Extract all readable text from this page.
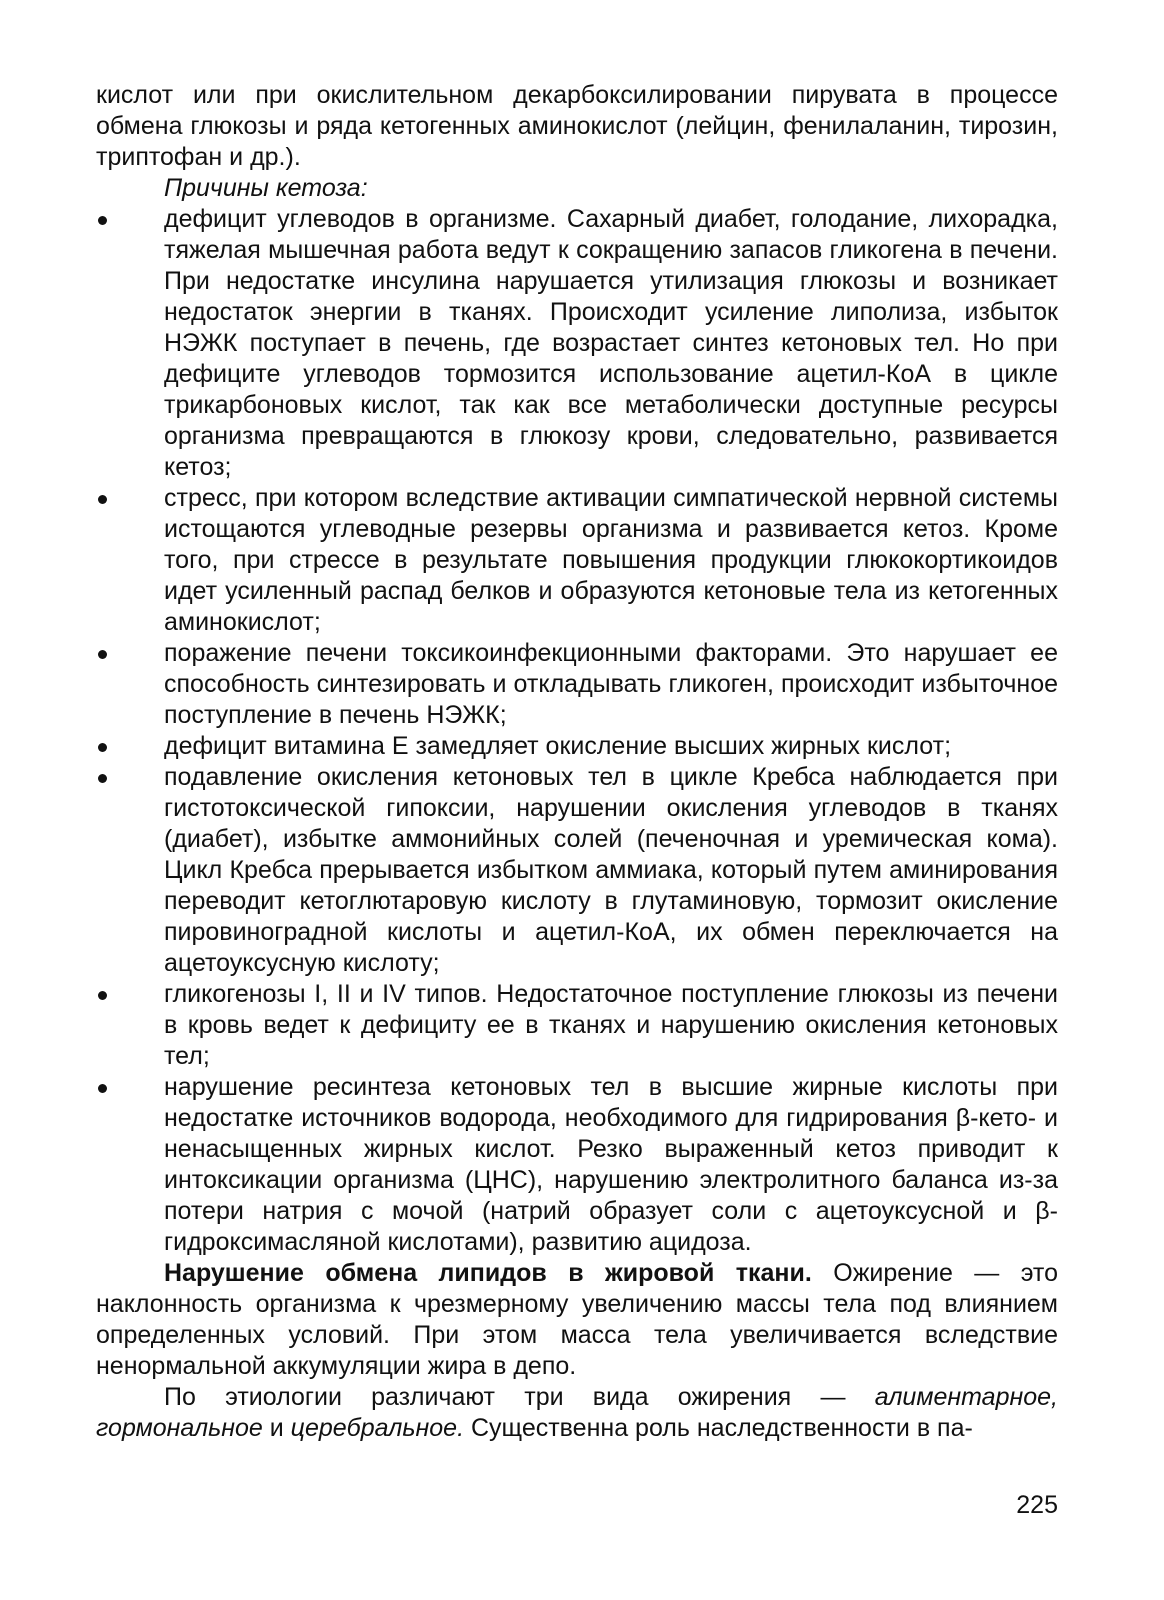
кислот или при окислительном декарбоксилировании пирувата в процессе обмена глюкозы и ряда кетогенных аминокислот (лейцин, фенилаланин, тирозин, триптофан и др.).

Причины кетоза:
дефицит углеводов в организме. Сахарный диабет, голодание, лихорадка, тяжелая мышечная работа ведут к сокращению запасов гликогена в печени. При недостатке инсулина нарушается утилизация глюкозы и возникает недостаток энергии в тканях. Происходит усиление липолиза, избыток НЭЖК поступает в печень, где возрастает синтез кетоновых тел. Но при дефиците углеводов тормозится использование ацетил-КоА в цикле трикарбоновых кислот, так как все метаболически доступные ресурсы организма превращаются в глюкозу крови, следовательно, развивается кетоз;
стресс, при котором вследствие активации симпатической нервной системы истощаются углеводные резервы организма и развивается кетоз. Кроме того, при стрессе в результате повышения продукции глюкокортикоидов идет усиленный распад белков и образуются кетоновые тела из кетогенных аминокислот;
поражение печени токсикоинфекционными факторами. Это нарушает ее способность синтезировать и откладывать гликоген, происходит избыточное поступление в печень НЭЖК;
дефицит витамина Е замедляет окисление высших жирных кислот;
подавление окисления кетоновых тел в цикле Кребса наблюдается при гистотоксической гипоксии, нарушении окисления углеводов в тканях (диабет), избытке аммонийных солей (печеночная и уремическая кома). Цикл Кребса прерывается избытком аммиака, который путем аминирования переводит кетоглютаровую кислоту в глутаминовую, тормозит окисление пировиноградной кислоты и ацетил-КоА, их обмен переключается на ацетоуксусную кислоту;
гликогенозы I, II и IV типов. Недостаточное поступление глюкозы из печени в кровь ведет к дефициту ее в тканях и нарушению окисления кетоновых тел;
нарушение ресинтеза кетоновых тел в высшие жирные кислоты при недостатке источников водорода, необходимого для гидрирования β-кето- и ненасыщенных жирных кислот. Резко выраженный кетоз приводит к интоксикации организма (ЦНС), нарушению электролитного баланса из-за потери натрия с мочой (натрий образует соли с ацетоуксусной и β-гидроксимасляной кислотами), развитию ацидоза.

Нарушение обмена липидов в жировой ткани. Ожирение — это наклонность организма к чрезмерному увеличению массы тела под влиянием определенных условий. При этом масса тела увеличивается вследствие ненормальной аккумуляции жира в депо.

По этиологии различают три вида ожирения — алиментарное, гормональное и церебральное. Существенна роль наследственности в па-

225
